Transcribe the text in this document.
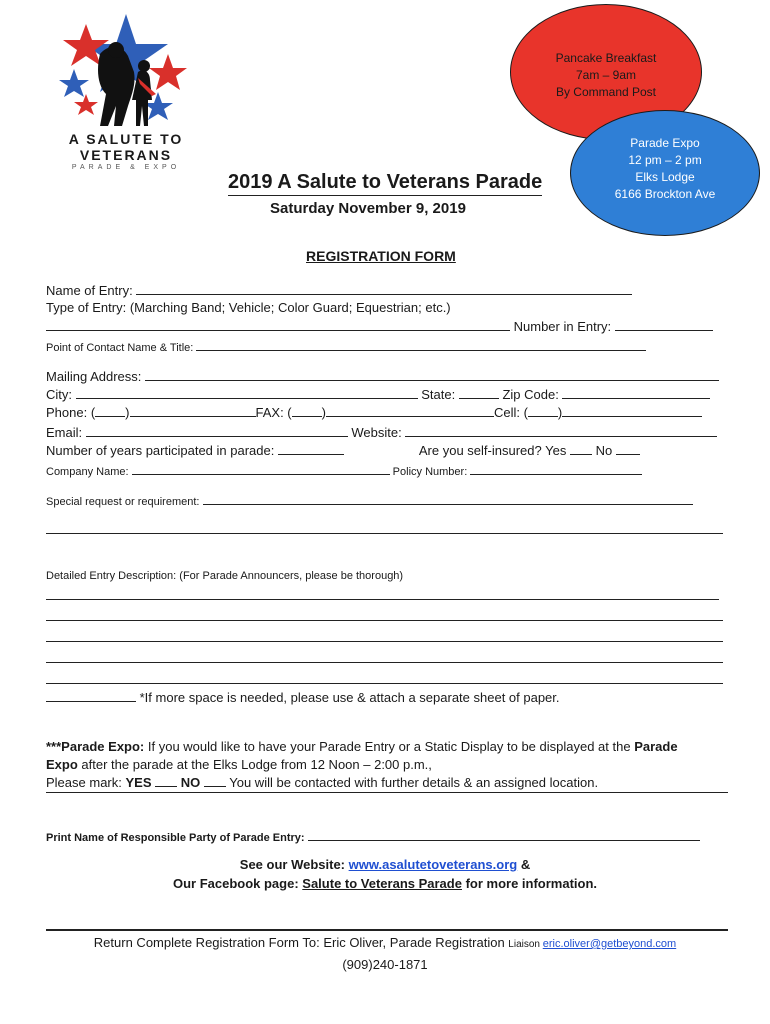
A SALUTE TO
VETERANS
PARADE & EXPO
Pancake Breakfast
7am – 9am
By Command Post
Parade Expo
12 pm – 2 pm
Elks Lodge
6166 Brockton Ave
2019 A Salute to Veterans Parade
Saturday November 9, 2019
REGISTRATION FORM
Name of Entry:
Type of Entry: (Marching Band; Vehicle; Color Guard; Equestrian; etc.)
Number in Entry:
Point of Contact Name & Title:
Mailing Address:
City:	State:	Zip Code:
Phone: ( )	FAX: ( )	Cell: ( )
Email:	Website:
Number of years participated in parade:	Are you self-insured? Yes No
Company Name:	Policy Number:
Special request or requirement:
Detailed Entry Description: (For Parade Announcers, please be thorough)
*If more space is needed, please use & attach a separate sheet of paper.
***Parade Expo: If you would like to have your Parade Entry or a Static Display to be displayed at the Parade
Expo after the parade at the Elks Lodge from 12 Noon – 2:00 p.m.,
Please mark: YES NO  You will be contacted with further details & an assigned location.
Print Name of Responsible Party of Parade Entry:
See our Website: www.asalutetoveterans.org &
Our Facebook page: Salute to Veterans Parade for more information.
Return Complete Registration Form To: Eric Oliver, Parade Registration Liaison eric.oliver@getbeyond.com
(909)240-1871
